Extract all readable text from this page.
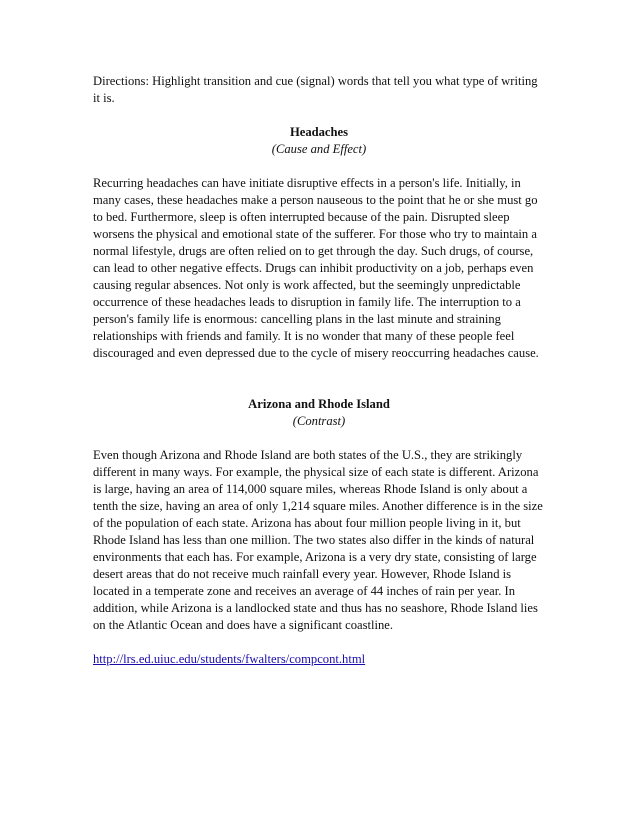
Directions: Highlight transition and cue (signal) words that tell you what type of writing it is.

Headaches

(Cause and Effect)

Recurring headaches can have initiate disruptive effects in a person's life. Initially, in many cases, these headaches make a person nauseous to the point that he or she must go to bed. Furthermore, sleep is often interrupted because of the pain. Disrupted sleep worsens the physical and emotional state of the sufferer. For those who try to maintain a normal lifestyle, drugs are often relied on to get through the day. Such drugs, of course, can lead to other negative effects. Drugs can inhibit productivity on a job, perhaps even causing regular absences. Not only is work affected, but the seemingly unpredictable occurrence of these headaches leads to disruption in family life. The interruption to a person's family life is enormous: cancelling plans in the last minute and straining relationships with friends and family. It is no wonder that many of these people feel discouraged and even depressed due to the cycle of misery reoccurring headaches cause.

Arizona and Rhode Island

(Contrast)

Even though Arizona and Rhode Island are both states of the U.S., they are strikingly different in many ways. For example, the physical size of each state is different. Arizona is large, having an area of 114,000 square miles, whereas Rhode Island is only about a tenth the size, having an area of only 1,214 square miles. Another difference is in the size of the population of each state. Arizona has about four million people living in it, but Rhode Island has less than one million. The two states also differ in the kinds of natural environments that each has. For example, Arizona is a very dry state, consisting of large desert areas that do not receive much rainfall every year. However, Rhode Island is located in a temperate zone and receives an average of 44 inches of rain per year. In addition, while Arizona is a landlocked state and thus has no seashore, Rhode Island lies on the Atlantic Ocean and does have a significant coastline.

http://lrs.ed.uiuc.edu/students/fwalters/compcont.html
